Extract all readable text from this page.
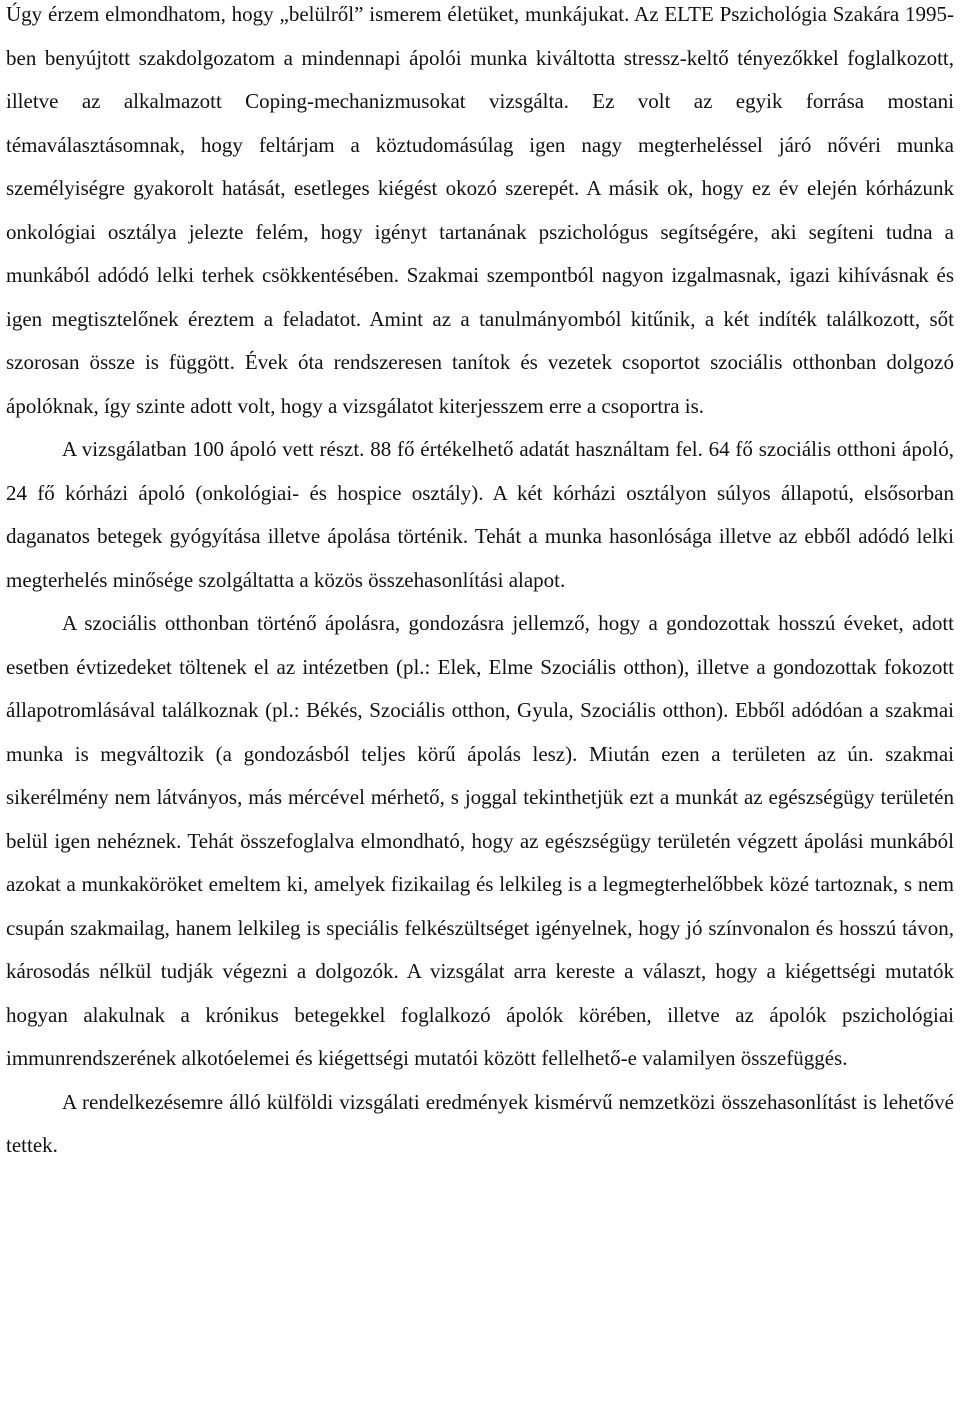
Úgy érzem elmondhatom, hogy „belülről” ismerem életüket, munkájukat. Az ELTE Pszichológia Szakára 1995-ben benyújtott szakdolgozatom a mindennapi ápolói munka kiváltotta stressz-keltő tényezőkkel foglalkozott, illetve az alkalmazott Coping-mechanizmusokat vizsgálta. Ez volt az egyik forrása mostani témaválasztásomnak, hogy feltárjam a köztudomásúlag igen nagy megterheléssel járó nővéri munka személyiségre gyakorolt hatását, esetleges kiégést okozó szerepét. A másik ok, hogy ez év elején kórházunk onkológiai osztálya jelezte felém, hogy igényt tartanának pszichológus segítségére, aki segíteni tudna a munkából adódó lelki terhek csökkentésében. Szakmai szempontból nagyon izgalmasnak, igazi kihívásnak és igen megtisztelőnek éreztem a feladatot. Amint az a tanulmányomból kitűnik, a két indíték találkozott, sőt szorosan össze is függött. Évek óta rendszeresen tanítok és vezetek csoportot szociális otthonban dolgozó ápolóknak, így szinte adott volt, hogy a vizsgálatot kiterjesszem erre a csoportra is.

A vizsgálatban 100 ápoló vett részt. 88 fő értékelhető adatát használtam fel. 64 fő szociális otthoni ápoló, 24 fő kórházi ápoló (onkológiai- és hospice osztály). A két kórházi osztályon súlyos állapotú, elsősorban daganatos betegek gyógyítása illetve ápolása történik. Tehát a munka hasonlósága illetve az ebből adódó lelki megterhelés minősége szolgáltatta a közös összehasonlítási alapot.

A szociális otthonban történő ápolásra, gondozásra jellemző, hogy a gondozottak hosszú éveket, adott esetben évtizedeket töltenek el az intézetben (pl.: Elek, Elme Szociális otthon), illetve a gondozottak fokozott állapotromlásával találkoznak (pl.: Békés, Szociális otthon, Gyula, Szociális otthon). Ebből adódóan a szakmai munka is megváltozik (a gondozásból teljes körű ápolás lesz). Miután ezen a területen az ún. szakmai sikerélmény nem látványos, más mércével mérhető, s joggal tekinthetjük ezt a munkát az egészségügy területén belül igen nehéznek. Tehát összefoglalva elmondható, hogy az egészségügy területén végzett ápolási munkából azokat a munkaköröket emeltem ki, amelyek fizikailag és lelkileg is a legmegterhelőbbek közé tartoznak, s nem csupán szakmailag, hanem lelkileg is speciális felkészültséget igényelnek, hogy jó színvonalon és hosszú távon, károsodás nélkül tudják végezni a dolgozók. A vizsgálat arra kereste a választ, hogy a kiégettségi mutatók hogyan alakulnak a krónikus betegekkel foglalkozó ápolók körében, illetve az ápolók pszichológiai immunrendszerének alkotóelemei és kiégettségi mutatói között fellelhető-e valamilyen összefüggés.

A rendelkezésemre álló külföldi vizsgálati eredmények kismérvű nemzetközi összehasonlítást is lehetővé tettek.
